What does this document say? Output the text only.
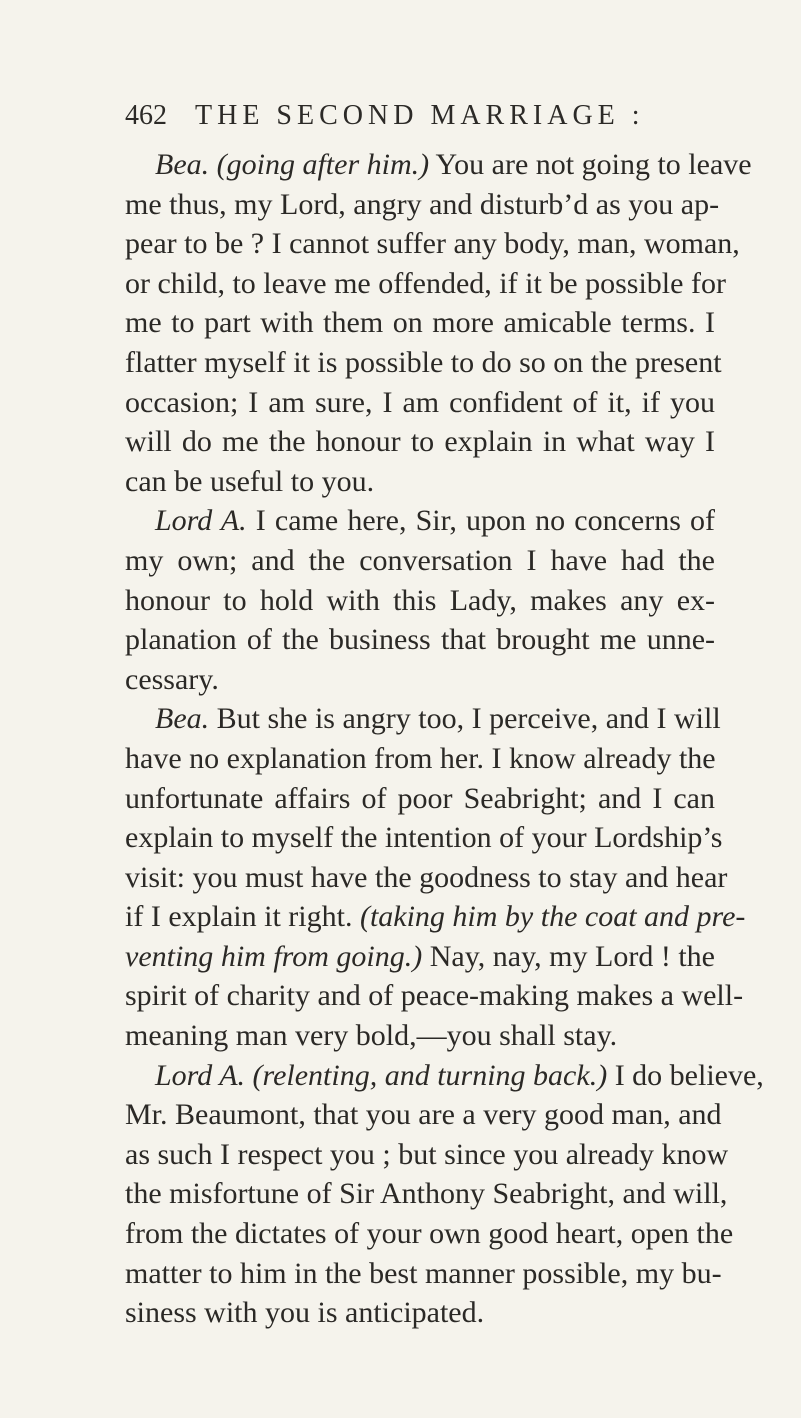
462 THE SECOND MARRIAGE :
Bea. (going after him.) You are not going to leave
me thus, my Lord, angry and disturb’d as you ap-
pear to be ? I cannot suffer any body, man, woman,
or child, to leave me offended, if it be possible for
me to part with them on more amicable terms. I
flatter myself it is possible to do so on the present
occasion; I am sure, I am confident of it, if you
will do me the honour to explain in what way I
can be useful to you.
Lord A. I came here, Sir, upon no concerns of
my own; and the conversation I have had the
honour to hold with this Lady, makes any ex-
planation of the business that brought me unne-
cessary.
Bea. But she is angry too, I perceive, and I will
have no explanation from her. I know already the
unfortunate affairs of poor Seabright; and I can
explain to myself the intention of your Lordship’s
visit: you must have the goodness to stay and hear
if I explain it right. (taking him by the coat and pre-
venting him from going.) Nay, nay, my Lord ! the
spirit of charity and of peace-making makes a well-
meaning man very bold,—you shall stay.
Lord A. (relenting, and turning back.) I do believe,
Mr. Beaumont, that you are a very good man, and
as such I respect you ; but since you already know
the misfortune of Sir Anthony Seabright, and will,
from the dictates of your own good heart, open the
matter to him in the best manner possible, my bu-
siness with you is anticipated.
